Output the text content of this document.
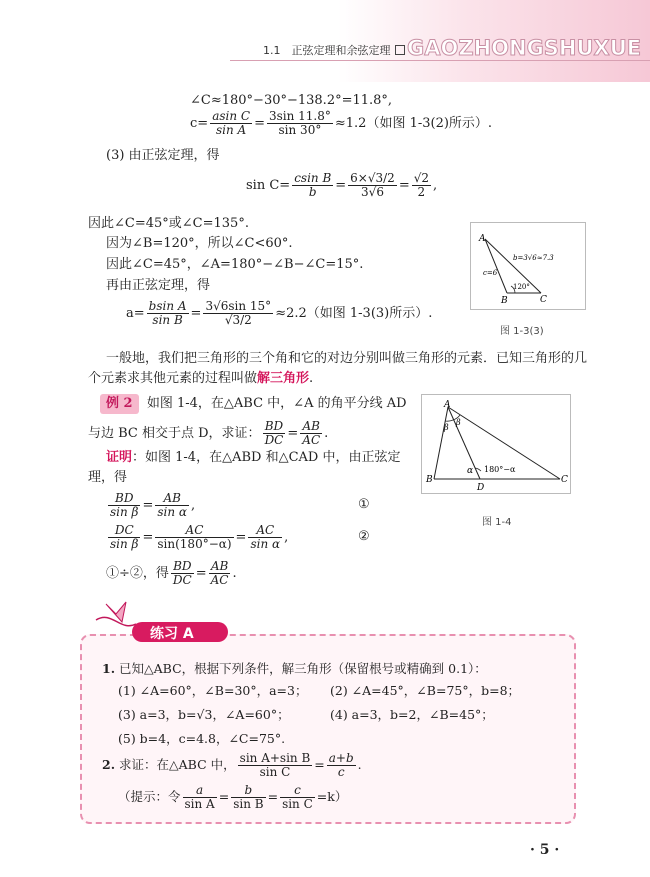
1.1　正弦定理和余弦定理 GAOZHONGSHUXUE
∠C≈180°−30°−138.2°=11.8°,
$c= \frac{\text{asin C}}{\text{sin A}} = \frac{3\sin 11.8^\circ}{\sin 30^\circ} \approx 1.2$（如图 1-3(2)所示）.
(3) 由正弦定理，得
$\sin C= \frac{\text{csin B}}{b} = \frac{6\times√3/2}{3√6} = \frac{√2}{2}$ ,
因此∠C=45°或∠C=135°.
因为∠B=120°，所以∠C<60°.
因此∠C=45°，∠A=180°−∠B−∠C=15°.
再由正弦定理，得
$a= \frac{\text{bsin A}}{\text{sin B}} = \frac{3√6\sin 15^\circ}{√3/2} \approx 2.2$（如图 1-3(3)所示）.
A
B	C
b=3√6≈7.3
c=6
120°
图 1-3(3)
一般地，我们把三角形的三个角和它的对边分别叫做三角形的元素．已知三角形的几
个元素求其他元素的过程叫做解三角形.
例 2 如图 1-4，在△ABC 中，∠A 的角平分线 AD
与边 BC 相交于点 D，求证： $\frac{BD}{DC} = \frac{AB}{AC}$ .
证明：如图 1-4，在△ABD 和△CAD 中，由正弦定
理，得
$\frac{BD}{\text{sin β}} = \frac{AB}{\text{sin α}}$ ,	①
$\frac{DC}{\text{sin β}} = \frac{AC}{\sin(180^\circ-\alpha)} = \frac{AC}{\text{sin α}}$ ,	②
①÷②，得 $\frac{BD}{DC} = \frac{AB}{AC}$ .
A
B	C
D
α
β
β
180°−α
图 1-4
练习 A
1. 已知△ABC，根据下列条件，解三角形（保留根号或精确到 0.1）：
(1) ∠A=60°，∠B=30°，a=3； (2) ∠A=45°，∠B=75°，b=8；
(3) a=3，b=√3，∠A=60°；	(4) a=3，b=2，∠B=45°；
(5) b=4，c=4.8，∠C=75°.
2. 求证：在△ABC 中， $\frac{\text{sin A+sin B}}{\text{sin C}} = \frac{a+b}{c}$ .
（提示：令 $\frac{a}{\text{sin A}} = \frac{b}{\text{sin B}} = \frac{c}{\text{sin C}} =k$）
· 5 ·
